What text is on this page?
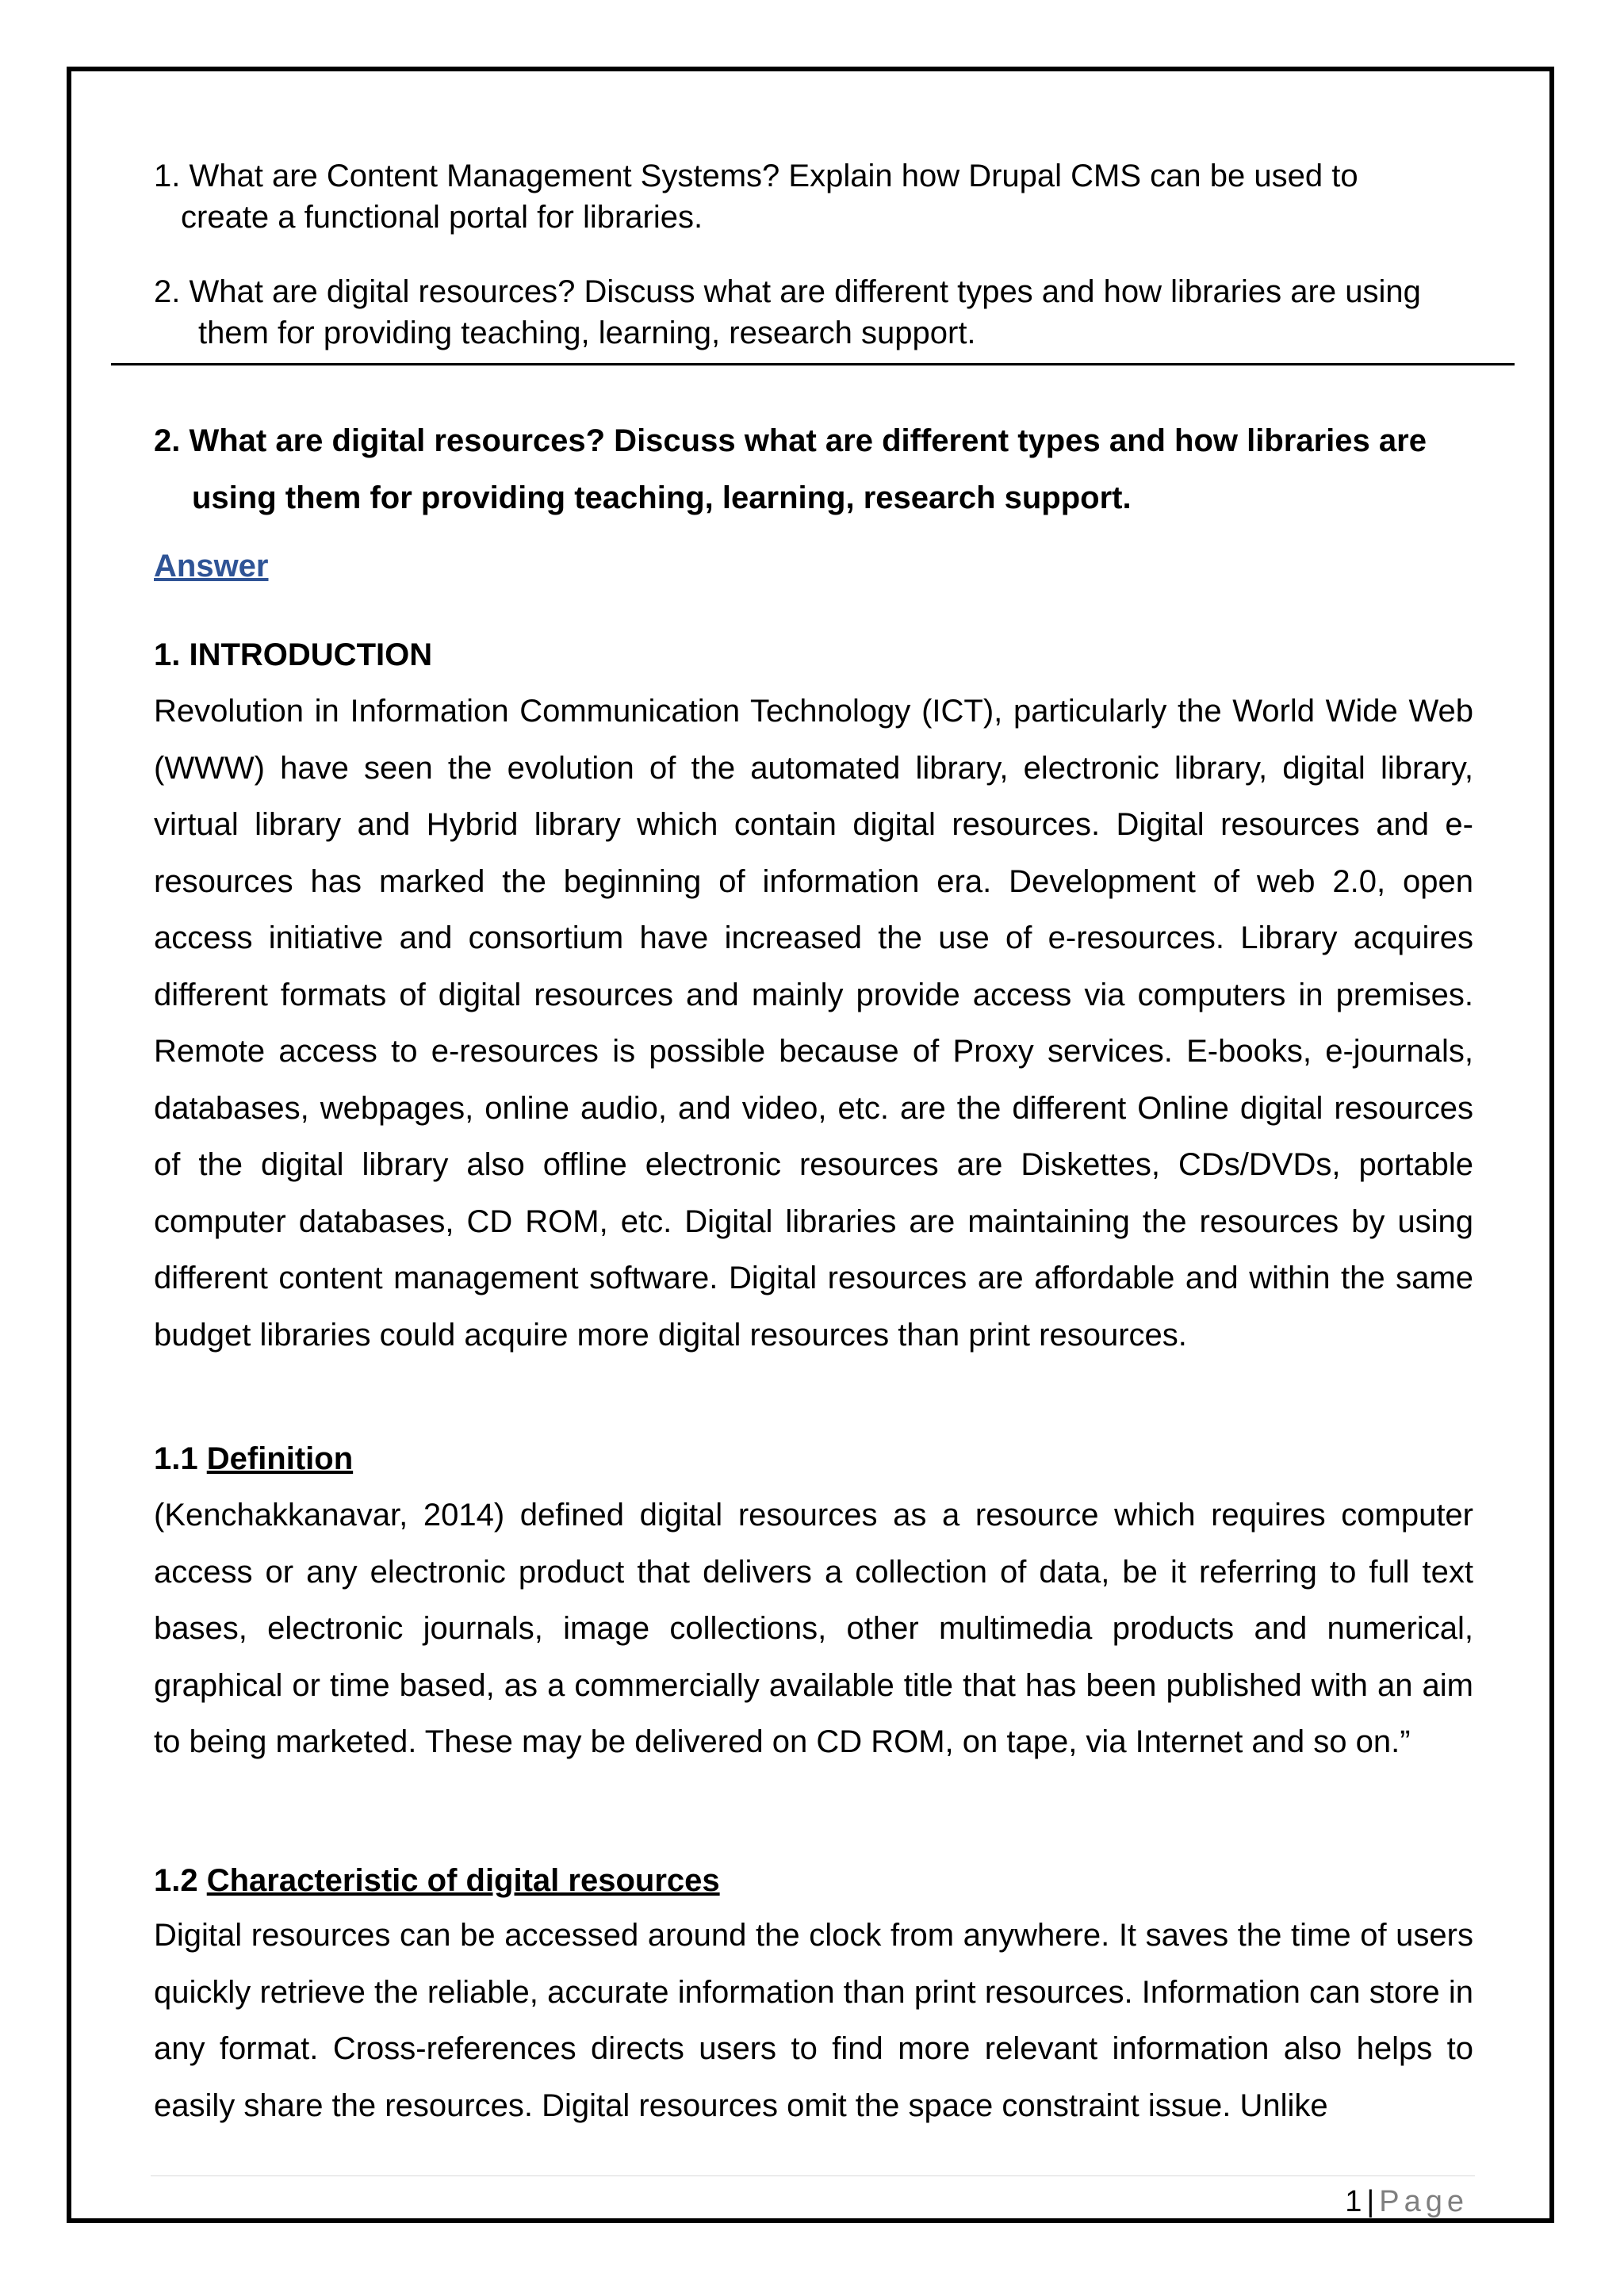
1. What are Content Management Systems? Explain how Drupal CMS can be used to
create a functional portal for libraries.
2. What are digital resources? Discuss what are different types and how libraries are using
them for providing teaching, learning, research support.
2. What are digital resources? Discuss what are different types and how libraries are
using them for providing teaching, learning, research support.
Answer
1. INTRODUCTION

Revolution in Information Communication Technology (ICT), particularly the World Wide Web (WWW) have seen the evolution of the automated library, electronic library, digital library, virtual library and Hybrid library which contain digital resources. Digital resources and e-resources has marked the beginning of information era. Development of web 2.0, open access initiative and consortium have increased the use of e-resources. Library acquires different formats of digital resources and mainly provide access via computers in premises. Remote access to e-resources is possible because of Proxy services. E-books, e-journals, databases, webpages, online audio, and video, etc. are the different Online digital resources of the digital library also offline electronic resources are Diskettes, CDs/DVDs, portable computer databases, CD ROM, etc. Digital libraries are maintaining the resources by using different content management software. Digital resources are affordable and within the same budget libraries could acquire more digital resources than print resources.

1.1 Definition

(Kenchakkanavar, 2014) defined digital resources as a resource which requires computer access or any electronic product that delivers a collection of data, be it referring to full text bases, electronic journals, image collections, other multimedia products and numerical, graphical or time based, as a commercially available title that has been published with an aim to being marketed. These may be delivered on CD ROM, on tape, via Internet and so on.”

1.2 Characteristic of digital resources

Digital resources can be accessed around the clock from anywhere. It saves the time of users quickly retrieve the reliable, accurate information than print resources. Information can store in any format. Cross-references directs users to find more relevant information also helps to easily share the resources. Digital resources omit the space constraint issue. Unlike

1 | Page
